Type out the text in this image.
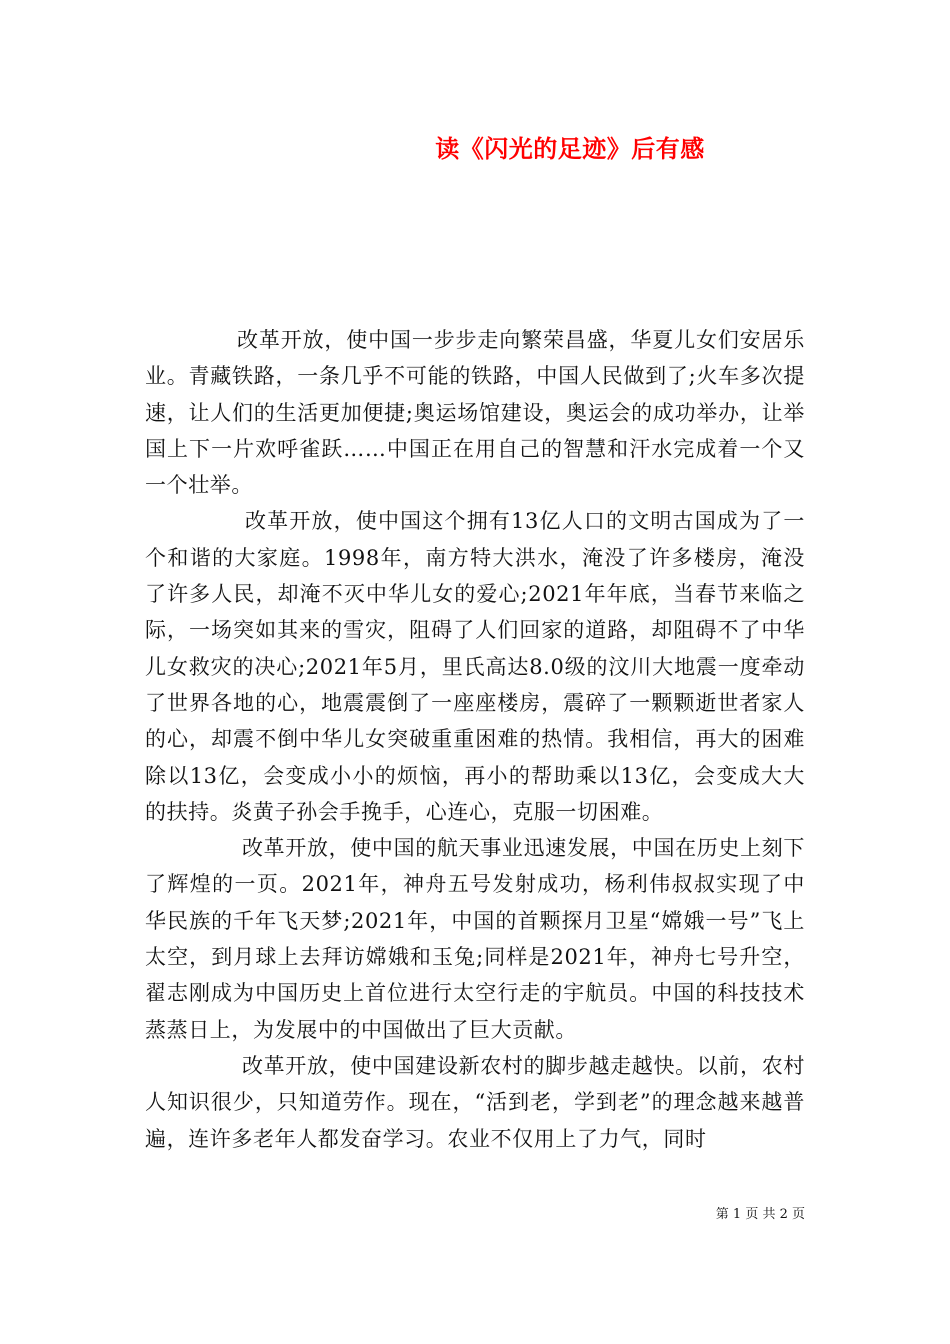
读《闪光的足迹》后有感

改革开放，使中国一步步走向繁荣昌盛，华夏儿女们安居乐业。青藏铁路，一条几乎不可能的铁路，中国人民做到了;火车多次提速，让人们的生活更加便捷;奥运场馆建设，奥运会的成功举办，让举国上下一片欢呼雀跃……中国正在用自己的智慧和汗水完成着一个又一个壮举。

改革开放，使中国这个拥有13亿人口的文明古国成为了一个和谐的大家庭。1998年，南方特大洪水，淹没了许多楼房，淹没了许多人民，却淹不灭中华儿女的爱心;2021年年底，当春节来临之际，一场突如其来的雪灾，阻碍了人们回家的道路，却阻碍不了中华儿女救灾的决心;2021年5月，里氏高达8.0级的汶川大地震一度牵动了世界各地的心，地震震倒了一座座楼房，震碎了一颗颗逝世者家人的心，却震不倒中华儿女突破重重困难的热情。我相信，再大的困难除以13亿，会变成小小的烦恼，再小的帮助乘以13亿，会变成大大的扶持。炎黄子孙会手挽手，心连心，克服一切困难。

改革开放，使中国的航天事业迅速发展，中国在历史上刻下了辉煌的一页。2021年，神舟五号发射成功，杨利伟叔叔实现了中华民族的千年飞天梦;2021年，中国的首颗探月卫星“嫦娥一号”飞上太空，到月球上去拜访嫦娥和玉兔;同样是2021年，神舟七号升空，翟志刚成为中国历史上首位进行太空行走的宇航员。中国的科技技术蒸蒸日上，为发展中的中国做出了巨大贡献。

改革开放，使中国建设新农村的脚步越走越快。以前，农村人知识很少，只知道劳作。现在，“活到老，学到老”的理念越来越普遍，连许多老年人都发奋学习。农业不仅用上了力气，同时

第 1 页 共 2 页
